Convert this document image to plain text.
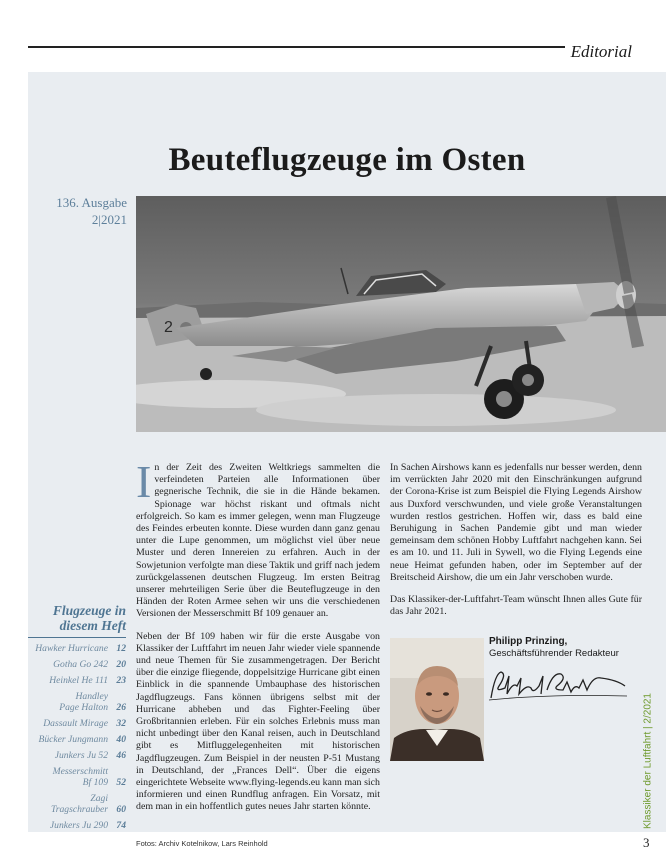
Editorial
Beuteflugzeuge im Osten
136. Ausgabe
2|2021
2

In der Zeit des Zweiten Weltkriegs sammelten die verfeindeten Parteien alle Informationen über gegnerische Technik, die sie in die Hände bekamen. Spionage war höchst riskant und oftmals nicht erfolgreich. So kam es immer gelegen, wenn man Flugzeuge des Feindes erbeuten konnte. Diese wurden dann ganz genau unter die Lupe genommen, um möglichst viel über neue Muster und deren Innereien zu erfahren. Auch in der Sowjetunion verfolgte man diese Taktik und griff nach jedem zurückgelassenen deutschen Flugzeug. Im ersten Beitrag unserer mehrteiligen Serie über die Beuteflugzeuge in den Händen der Roten Armee sehen wir uns die verschiedenen Versionen der Messerschmitt Bf 109 genauer an.

Neben der Bf 109 haben wir für die erste Ausgabe von Klassiker der Luftfahrt im neuen Jahr wieder viele spannende und neue Themen für Sie zusammengetragen. Der Bericht über die einzige fliegende, doppelsitzige Hurricane gibt einen Einblick in die spannende Umbauphase des historischen Jagdflugzeugs. Fans können übrigens selbst mit der Hurricane abheben und das Fighter-Feeling über Großbritannien erleben. Für ein solches Erlebnis muss man nicht unbedingt über den Kanal reisen, auch in Deutschland gibt es Mitfluggelegenheiten mit historischen Jagdflugzeugen. Zum Beispiel in der neusten P-51 Mustang in Deutschland, der „Frances Dell“. Über die eigens eingerichtete Webseite www.flying-legends.eu kann man sich informieren und einen Rundflug anfragen. Ein Vorsatz, mit dem man in ein hoffentlich gutes neues Jahr starten könnte.

In Sachen Airshows kann es jedenfalls nur besser werden, denn im verrückten Jahr 2020 mit den Einschränkungen aufgrund der Corona-Krise ist zum Beispiel die Flying Legends Airshow aus Duxford verschwunden, und viele große Veranstaltungen wurden restlos gestrichen. Hoffen wir, dass es bald eine Beruhigung in Sachen Pandemie gibt und man wieder gemeinsam dem schönen Hobby Luftfahrt nachgehen kann. Sei es am 10. und 11. Juli in Sywell, wo die Flying Legends eine neue Heimat gefunden haben, oder im September auf der Breitscheid Airshow, die um ein Jahr verschoben wurde.

Das Klassiker-der-Luftfahrt-Team wünscht Ihnen alles Gute für das Jahr 2021.

Flugzeuge in
diesem Heft
Hawker Hurricane 12
Gotha Go 242 20
Heinkel He 111 23
Handley
Page Halton 26
Dassault Mirage 32
Bücker Jungmann 40
Junkers Ju 52 46
Messerschmitt
Bf 109 52
Zagi
Tragschrauber 60
Junkers Ju 290 74
Philipp Prinzing,
Geschäftsführender Redakteur
Klassiker der Luftfahrt | 2/2021
Fotos: Archiv Kotelnikow, Lars Reinhold	3
